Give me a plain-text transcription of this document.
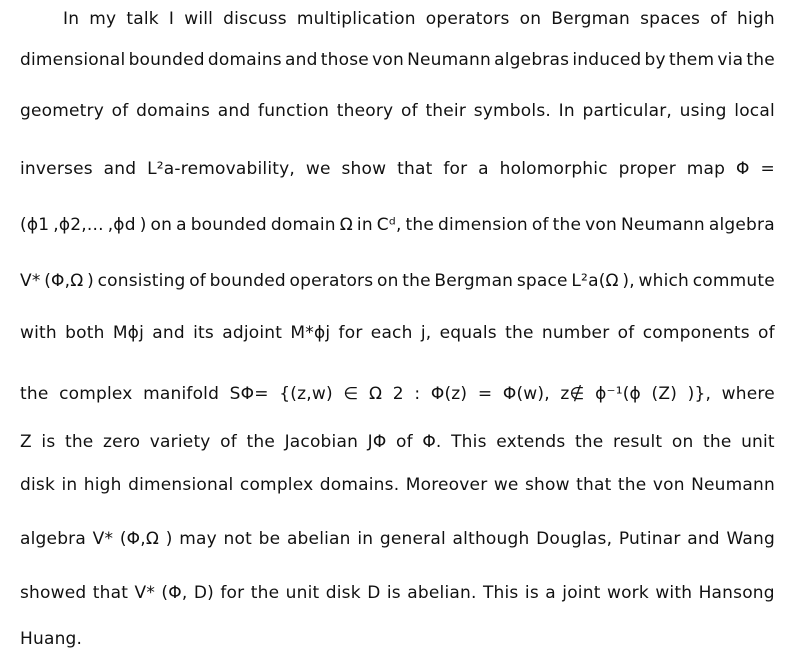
In my talk I will discuss multiplication operators on Bergman spaces of high
dimensional bounded domains and those von Neumann algebras induced by them via the
geometry of domains and function theory of their symbols. In particular, using local
inverses and L²a-removability, we show that for a holomorphic proper map Φ =
(ϕ1 ,ϕ2,... ,ϕd ) on a bounded domain Ω in Cᵈ, the dimension of the von Neumann algebra
V* (Φ,Ω ) consisting of bounded operators on the Bergman space L²a(Ω ), which commute
with both Mϕj and its adjoint M*ϕj for each j, equals the number of components of
the complex manifold SΦ= {(z,w) ∈ Ω 2 : Φ(z) = Φ(w), z∉ ϕ⁻¹(ϕ (Z) )}, where
Z is the zero variety of the Jacobian JΦ of Φ. This extends the result on the unit
disk in high dimensional complex domains. Moreover we show that the von Neumann
algebra V* (Φ,Ω ) may not be abelian in general although Douglas, Putinar and Wang
showed that V* (Φ, D) for the unit disk D is abelian. This is a joint work with Hansong
Huang.
